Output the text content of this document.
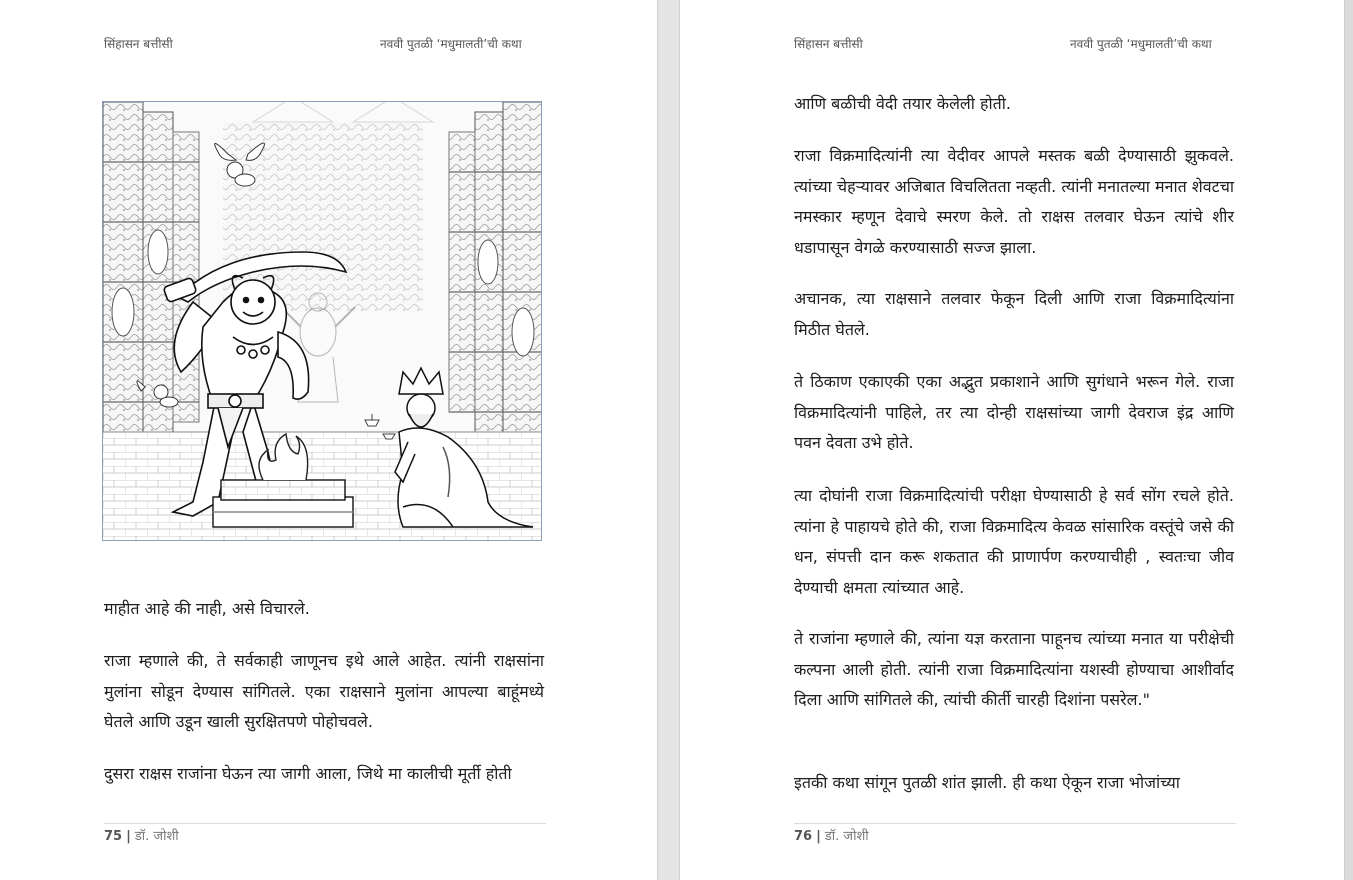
सिंहासन बत्तीसी	नववी पुतळी ‘मधुमालती’ची कथा

माहीत आहे की नाही, असे विचारले.

राजा म्हणाले की, ते सर्वकाही जाणूनच इथे आले आहेत. त्यांनी राक्षसांना मुलांना सोडून देण्यास सांगितले. एका राक्षसाने मुलांना आपल्या बाहूंमध्ये घेतले आणि उडून खाली सुरक्षितपणे पोहोचवले.

दुसरा राक्षस राजांना घेऊन त्या जागी आला, जिथे मा कालीची मूर्ती होती

75 | डॉ. जोशी
सिंहासन बत्तीसी	नववी पुतळी ‘मधुमालती’ची कथा

आणि बळीची वेदी तयार केलेली होती.

राजा विक्रमादित्यांनी त्या वेदीवर आपले मस्तक बळी देण्यासाठी झुकवले. त्यांच्या चेहऱ्यावर अजिबात विचलितता नव्हती. त्यांनी मनातल्या मनात शेवटचा नमस्कार म्हणून देवाचे स्मरण केले. तो राक्षस तलवार घेऊन त्यांचे शीर धडापासून वेगळे करण्यासाठी सज्ज झाला.

अचानक, त्या राक्षसाने तलवार फेकून दिली आणि राजा विक्रमादित्यांना मिठीत घेतले.

ते ठिकाण एकाएकी एका अद्भुत प्रकाशाने आणि सुगंधाने भरून गेले. राजा विक्रमादित्यांनी पाहिले, तर त्या दोन्ही राक्षसांच्या जागी देवराज इंद्र आणि पवन देवता उभे होते.

त्या दोघांनी राजा विक्रमादित्यांची परीक्षा घेण्यासाठी हे सर्व सोंग रचले होते. त्यांना हे पाहायचे होते की, राजा विक्रमादित्य केवळ सांसारिक वस्तूंचे जसे की धन, संपत्ती दान करू शकतात की प्राणार्पण करण्याचीही , स्वतःचा जीव देण्याची क्षमता त्यांच्यात आहे.

ते राजांना म्हणाले की, त्यांना यज्ञ करताना पाहूनच त्यांच्या मनात या परीक्षेची कल्पना आली होती. त्यांनी राजा विक्रमादित्यांना यशस्वी होण्याचा आशीर्वाद दिला आणि सांगितले की, त्यांची कीर्ती चारही दिशांना पसरेल."

इतकी कथा सांगून पुतळी शांत झाली. ही कथा ऐकून राजा भोजांच्या

76 | डॉ. जोशी
